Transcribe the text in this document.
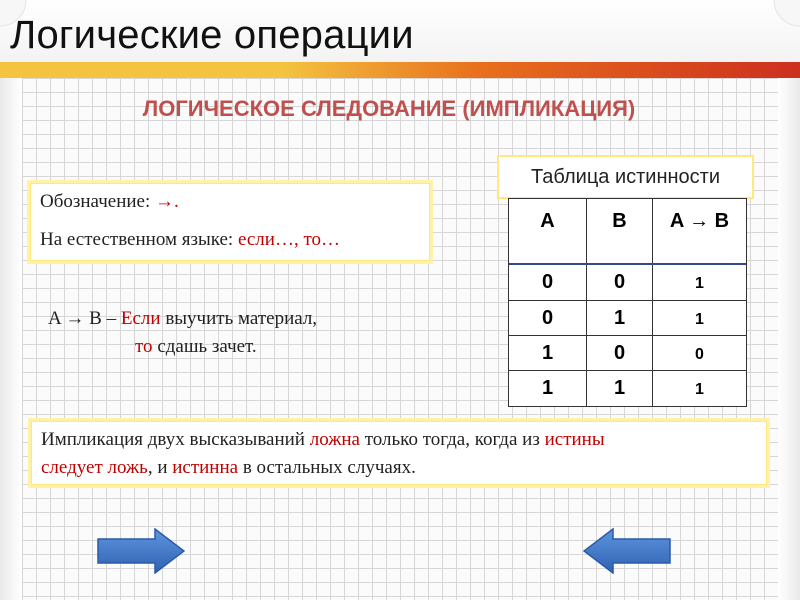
Логические операции
ЛОГИЧЕСКОЕ СЛЕДОВАНИЕ (ИМПЛИКАЦИЯ)
Обозначение: →.
На естественном языке: если…, то…
Таблица истинности
A	B	A → B
0	0	1
0	1	1
1	0	0
1	1	1
A → B – Если выучить материал,
то сдашь зачет.
Импликация двух высказываний ложна только тогда, когда из истины
следует ложь, и истинна в остальных случаях.
